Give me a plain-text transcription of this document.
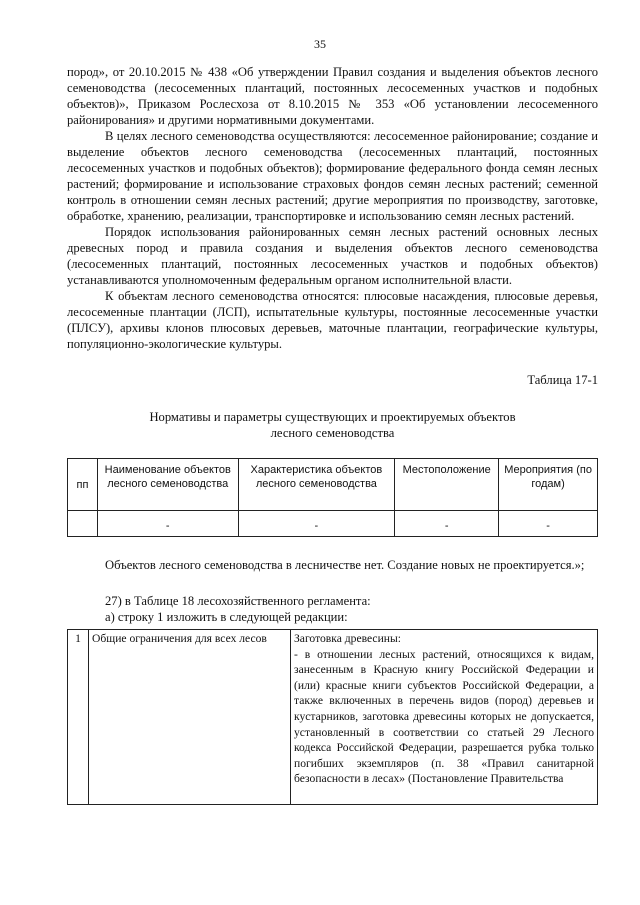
35

пород», от 20.10.2015 № 438 «Об утверждении Правил создания и выделения объектов лесного семеноводства (лесосеменных плантаций, постоянных лесосеменных участков и подобных объектов)», Приказом Рослесхоза от 8.10.2015 № 353 «Об установлении лесосеменного районирования» и другими нормативными документами.

В целях лесного семеноводства осуществляются: лесосеменное районирование; создание и выделение объектов лесного семеноводства (лесосеменных плантаций, постоянных лесосеменных участков и подобных объектов); формирование федерального фонда семян лесных растений; формирование и использование страховых фондов семян лесных растений; семенной контроль в отношении семян лесных растений; другие мероприятия по производству, заготовке, обработке, хранению, реализации, транспортировке и использованию семян лесных растений.

Порядок использования районированных семян лесных растений основных лесных древесных пород и правила создания и выделения объектов лесного семеноводства (лесосеменных плантаций, постоянных лесосеменных участков и подобных объектов) устанавливаются уполномоченным федеральным органом исполнительной власти.

К объектам лесного семеноводства относятся: плюсовые насаждения, плюсовые деревья, лесосеменные плантации (ЛСП), испытательные культуры, постоянные лесосеменные участки (ПЛСУ), архивы клонов плюсовых деревьев, маточные плантации, географические культуры, популяционно-экологические культуры.

Таблица 17-1

Нормативы и параметры существующих и проектируемых объектов
лесного семеноводства
пп	Наименование объектов лесного семеноводства	Характеристика объектов лесного семеноводства	Местоположение	Мероприятия (по годам)
	-	-	-	-

Объектов лесного семеноводства в лесничестве нет. Создание новых не проектируется.»;

27) в Таблице 18 лесохозяйственного регламента:

а) строку 1 изложить в следующей редакции:

1	Общие ограничения для всех лесов	Заготовка древесины:
- в отношении лесных растений, относящихся к видам, занесенным в Красную книгу Российской Федерации и (или) красные книги субъектов Российской Федерации, а также включенных в перечень видов (пород) деревьев и кустарников, заготовка древесины которых не допускается, установленный в соответствии со статьей 29 Лесного кодекса Российской Федерации, разрешается рубка только погибших экземпляров (п. 38 «Правил санитарной безопасности в лесах» (Постановление Правительства
